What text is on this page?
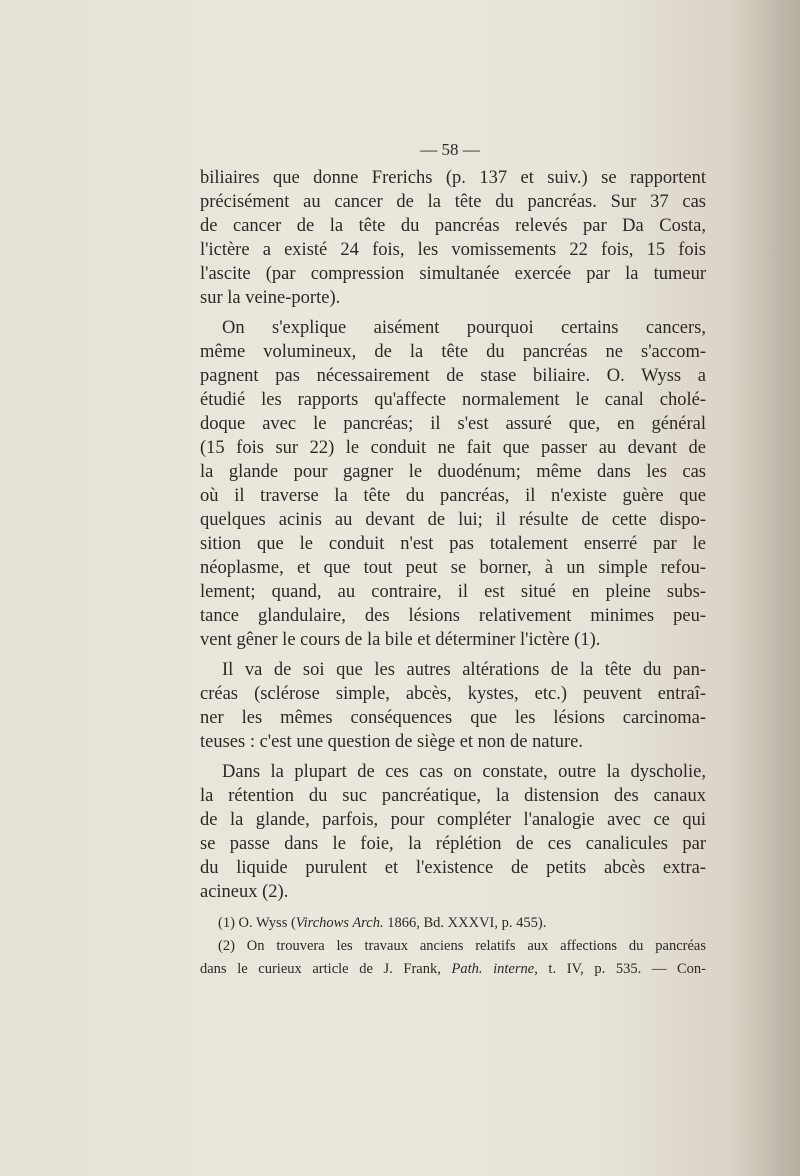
— 58 —
biliaires que donne Frerichs (p. 137 et suiv.) se rapportent
précisément au cancer de la tête du pancréas. Sur 37 cas
de cancer de la tête du pancréas relevés par Da Costa,
l'ictère a existé 24 fois, les vomissements 22 fois, 15 fois
l'ascite (par compression simultanée exercée par la tumeur
sur la veine-porte).
On s'explique aisément pourquoi certains cancers,
même volumineux, de la tête du pancréas ne s'accom-
pagnent pas nécessairement de stase biliaire. O. Wyss a
étudié les rapports qu'affecte normalement le canal cholé-
doque avec le pancréas; il s'est assuré que, en général
(15 fois sur 22) le conduit ne fait que passer au devant de
la glande pour gagner le duodénum; même dans les cas
où il traverse la tête du pancréas, il n'existe guère que
quelques acinis au devant de lui; il résulte de cette dispo-
sition que le conduit n'est pas totalement enserré par le
néoplasme, et que tout peut se borner, à un simple refou-
lement; quand, au contraire, il est situé en pleine subs-
tance glandulaire, des lésions relativement minimes peu-
vent gêner le cours de la bile et déterminer l'ictère (1).
Il va de soi que les autres altérations de la tête du pan-
créas (sclérose simple, abcès, kystes, etc.) peuvent entraî-
ner les mêmes conséquences que les lésions carcinoma-
teuses : c'est une question de siège et non de nature.
Dans la plupart de ces cas on constate, outre la dyscholie,
la rétention du suc pancréatique, la distension des canaux
de la glande, parfois, pour compléter l'analogie avec ce qui
se passe dans le foie, la réplétion de ces canalicules par
du liquide purulent et l'existence de petits abcès extra-
acineux (2).
(1) O. Wyss (Virchows Arch. 1866, Bd. XXXVI, p. 455).
(2) On trouvera les travaux anciens relatifs aux affections du pancréas
dans le curieux article de J. Frank, Path. interne, t. IV, p. 535. — Con-
